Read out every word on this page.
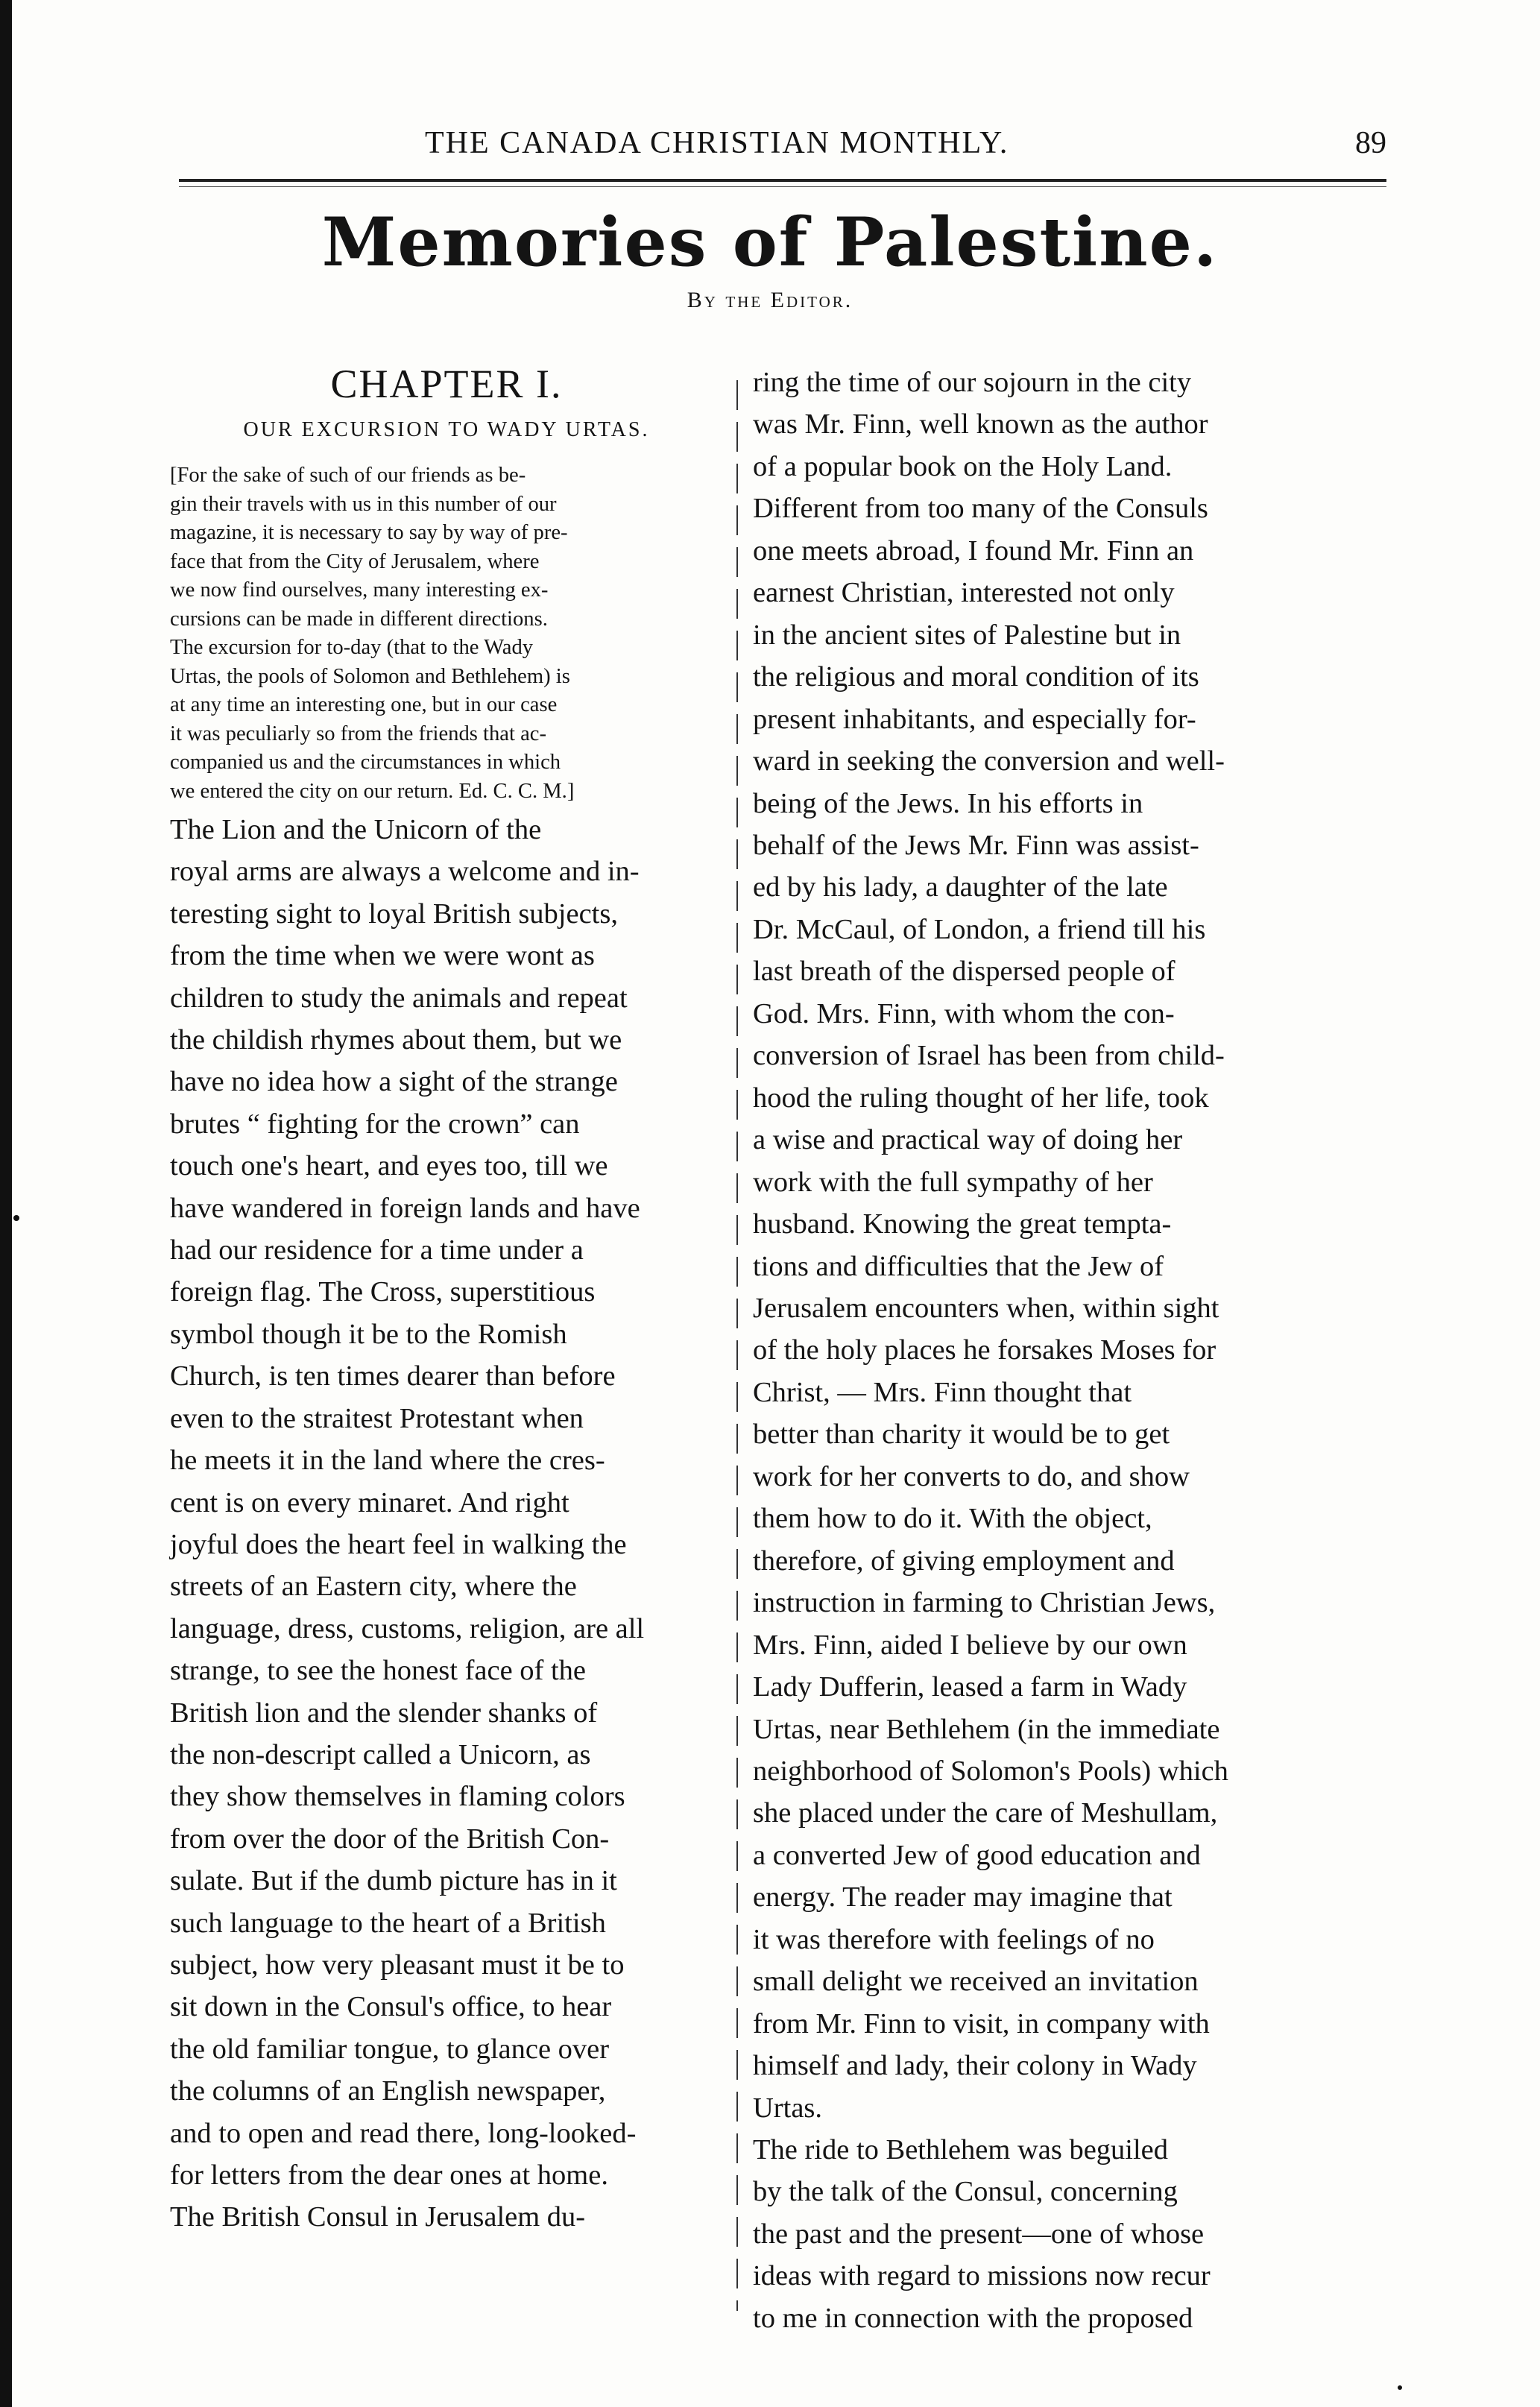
THE CANADA CHRISTIAN MONTHLY.	89
Memories of Palestine.
By the Editor.
CHAPTER I.
OUR EXCURSION TO WADY URTAS.
[For the sake of such of our friends as be-
gin their travels with us in this number of our
magazine, it is necessary to say by way of pre-
face that from the City of Jerusalem, where
we now find ourselves, many interesting ex-
cursions can be made in different directions.
The excursion for to-day (that to the Wady
Urtas, the pools of Solomon and Bethlehem) is
at any time an interesting one, but in our case
it was peculiarly so from the friends that ac-
companied us and the circumstances in which
we entered the city on our return. Ed. C. C. M.]
The Lion and the Unicorn of the
royal arms are always a welcome and in-
teresting sight to loyal British subjects,
from the time when we were wont as
children to study the animals and repeat
the childish rhymes about them, but we
have no idea how a sight of the strange
brutes “ fighting for the crown” can
touch one's heart, and eyes too, till we
have wandered in foreign lands and have
had our residence for a time under a
foreign flag. The Cross, superstitious
symbol though it be to the Romish
Church, is ten times dearer than before
even to the straitest Protestant when
he meets it in the land where the cres-
cent is on every minaret. And right
joyful does the heart feel in walking the
streets of an Eastern city, where the
language, dress, customs, religion, are all
strange, to see the honest face of the
British lion and the slender shanks of
the non-descript called a Unicorn, as
they show themselves in flaming colors
from over the door of the British Con-
sulate. But if the dumb picture has in it
such language to the heart of a British
subject, how very pleasant must it be to
sit down in the Consul's office, to hear
the old familiar tongue, to glance over
the columns of an English newspaper,
and to open and read there, long-looked-
for letters from the dear ones at home.
The British Consul in Jerusalem du-
ring the time of our sojourn in the city
was Mr. Finn, well known as the author
of a popular book on the Holy Land.
Different from too many of the Consuls
one meets abroad, I found Mr. Finn an
earnest Christian, interested not only
in the ancient sites of Palestine but in
the religious and moral condition of its
present inhabitants, and especially for-
ward in seeking the conversion and well-
being of the Jews. In his efforts in
behalf of the Jews Mr. Finn was assist-
ed by his lady, a daughter of the late
Dr. McCaul, of London, a friend till his
last breath of the dispersed people of
God. Mrs. Finn, with whom the con-
conversion of Israel has been from child-
hood the ruling thought of her life, took
a wise and practical way of doing her
work with the full sympathy of her
husband. Knowing the great tempta-
tions and difficulties that the Jew of
Jerusalem encounters when, within sight
of the holy places he forsakes Moses for
Christ, — Mrs. Finn thought that
better than charity it would be to get
work for her converts to do, and show
them how to do it. With the object,
therefore, of giving employment and
instruction in farming to Christian Jews,
Mrs. Finn, aided I believe by our own
Lady Dufferin, leased a farm in Wady
Urtas, near Bethlehem (in the immediate
neighborhood of Solomon's Pools) which
she placed under the care of Meshullam,
a converted Jew of good education and
energy. The reader may imagine that
it was therefore with feelings of no
small delight we received an invitation
from Mr. Finn to visit, in company with
himself and lady, their colony in Wady
Urtas.
The ride to Bethlehem was beguiled
by the talk of the Consul, concerning
the past and the present—one of whose
ideas with regard to missions now recur
to me in connection with the proposed
